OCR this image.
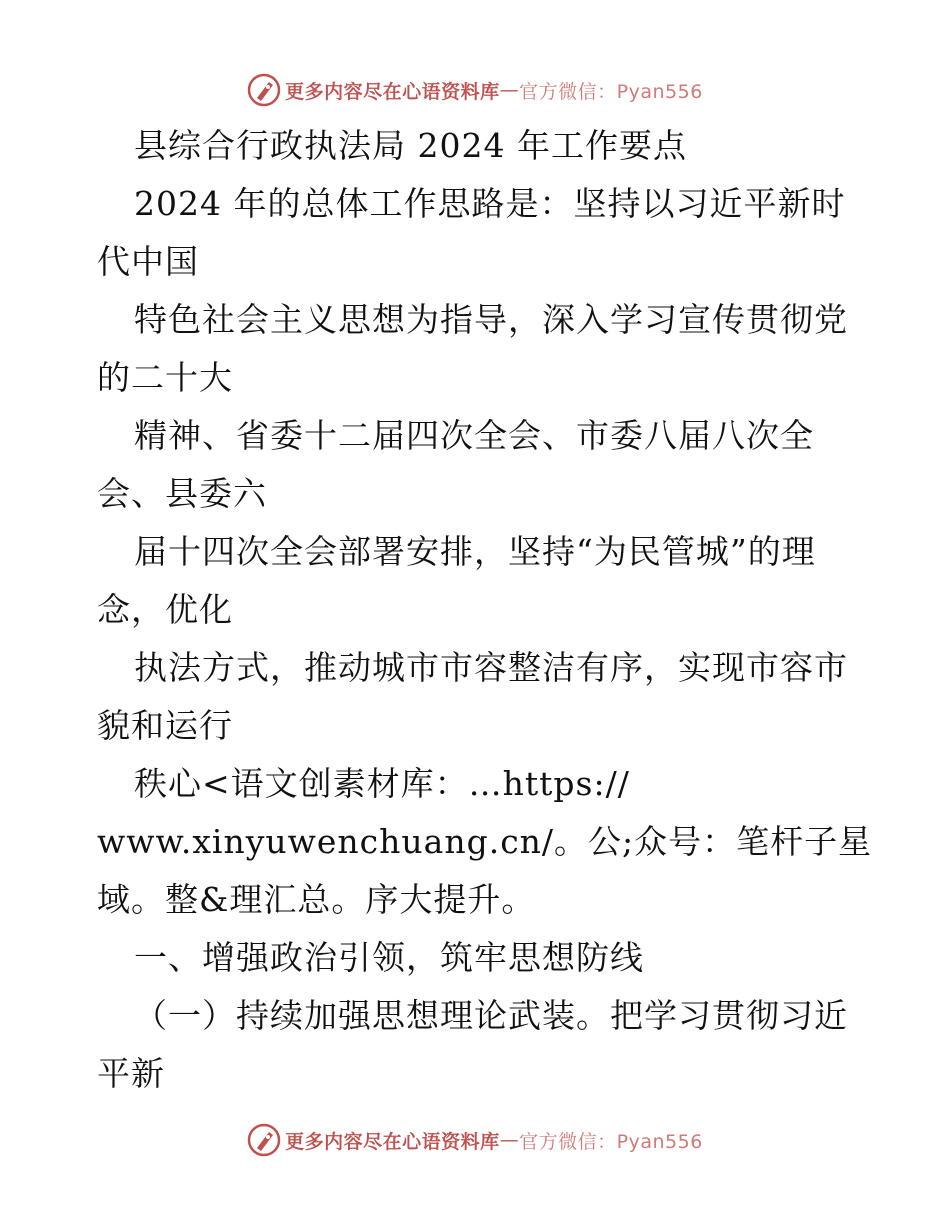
更多内容尽在心语资料库 — 官方微信：Pyan556
县综合行政执法局 2024 年工作要点
2024 年的总体工作思路是：坚持以习近平新时
代中国
特色社会主义思想为指导，深入学习宣传贯彻党
的二十大
精神、省委十二届四次全会、市委八届八次全
会、县委六
届十四次全会部署安排，坚持“为民管城”的理
念，优化
执法方式，推动城市市容整洁有序，实现市容市
貌和运行
秩心<语文创素材库：…https://
www.xinyuwenchuang.cn/。公;众号：笔杆子星
域。整&理汇总。序大提升。
一、增强政治引领，筑牢思想防线
（一）持续加强思想理论武装。把学习贯彻习近
平新
更多内容尽在心语资料库 — 官方微信：Pyan556
